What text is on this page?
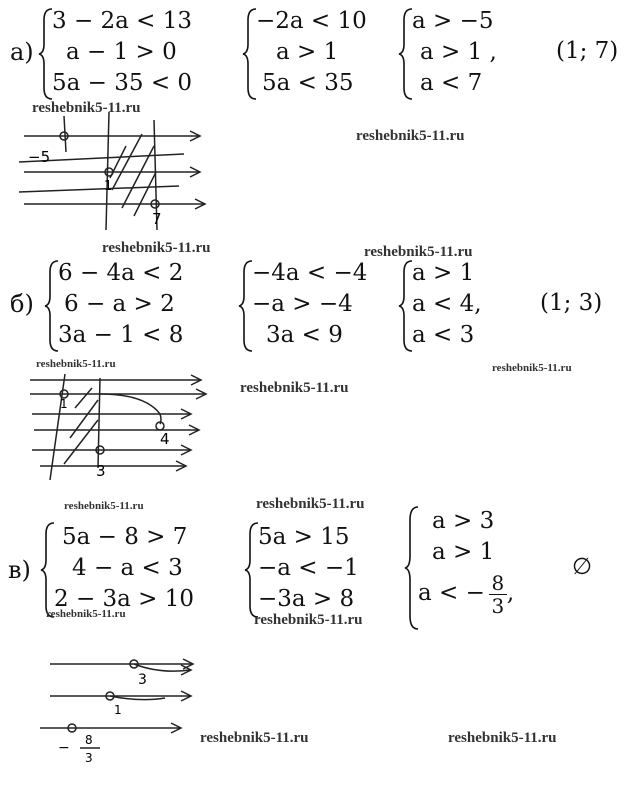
а)
3 − 2a < 13
a − 1 > 0
5a − 35 < 0
−2a < 10
a > 1
5a < 35
a > −5
a > 1 ,
a < 7
(1; 7)
reshebnik5-11.ru
reshebnik5-11.ru
−5
1
7
reshebnik5-11.ru	reshebnik5-11.ru
б)
6 − 4a < 2
6 − a > 2
3a − 1 < 8
−4a < −4
−a > −4
3a < 9
a > 1
a < 4,
a < 3
(1; 3)
reshebnik5-11.ru	reshebnik5-11.ru
reshebnik5-11.ru
1
4
3
reshebnik5-11.ru	reshebnik5-11.ru
в)
5a − 8 > 7
4 − a < 3
2 − 3a > 10
reshebnik5-11.ru
5a > 15
−a < −1
−3a > 8
reshebnik5-11.ru
a > 3
a > 1
a < − $\frac{8}{3}$ ,
∅
3
1
− 8
3
reshebnik5-11.ru	reshebnik5-11.ru
